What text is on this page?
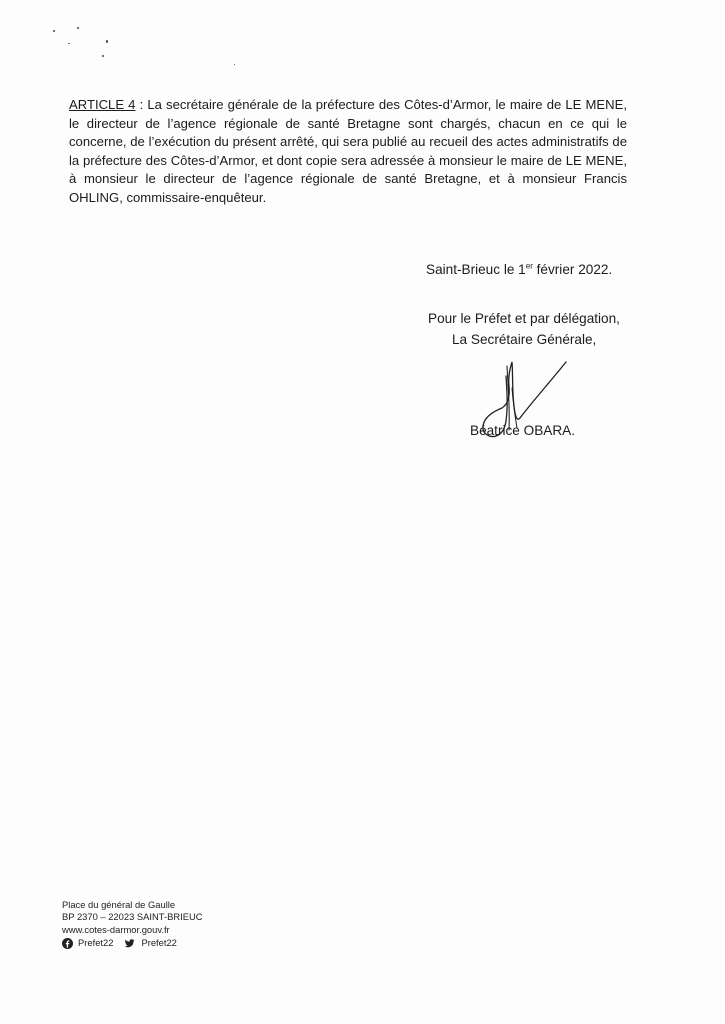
ARTICLE 4 : La secrétaire générale de la préfecture des Côtes-d’Armor, le maire de LE MENE, le directeur de l’agence régionale de santé Bretagne sont chargés, chacun en ce qui le concerne, de l’exécution du présent arrêté, qui sera publié au recueil des actes administratifs de la préfecture des Côtes-d’Armor, et dont copie sera adressée à monsieur le maire de LE MENE, à monsieur le directeur de l’agence régionale de santé Bretagne, et à monsieur Francis OHLING, commissaire-enquêteur.
Saint-Brieuc le 1er février 2022.
Pour le Préfet et par délégation,
La Secrétaire Générale,
Béatrice OBARA.
Place du général de Gaulle
BP 2370 – 22023 SAINT-BRIEUC
www.cotes-darmor.gouv.fr
Prefet22	Prefet22
